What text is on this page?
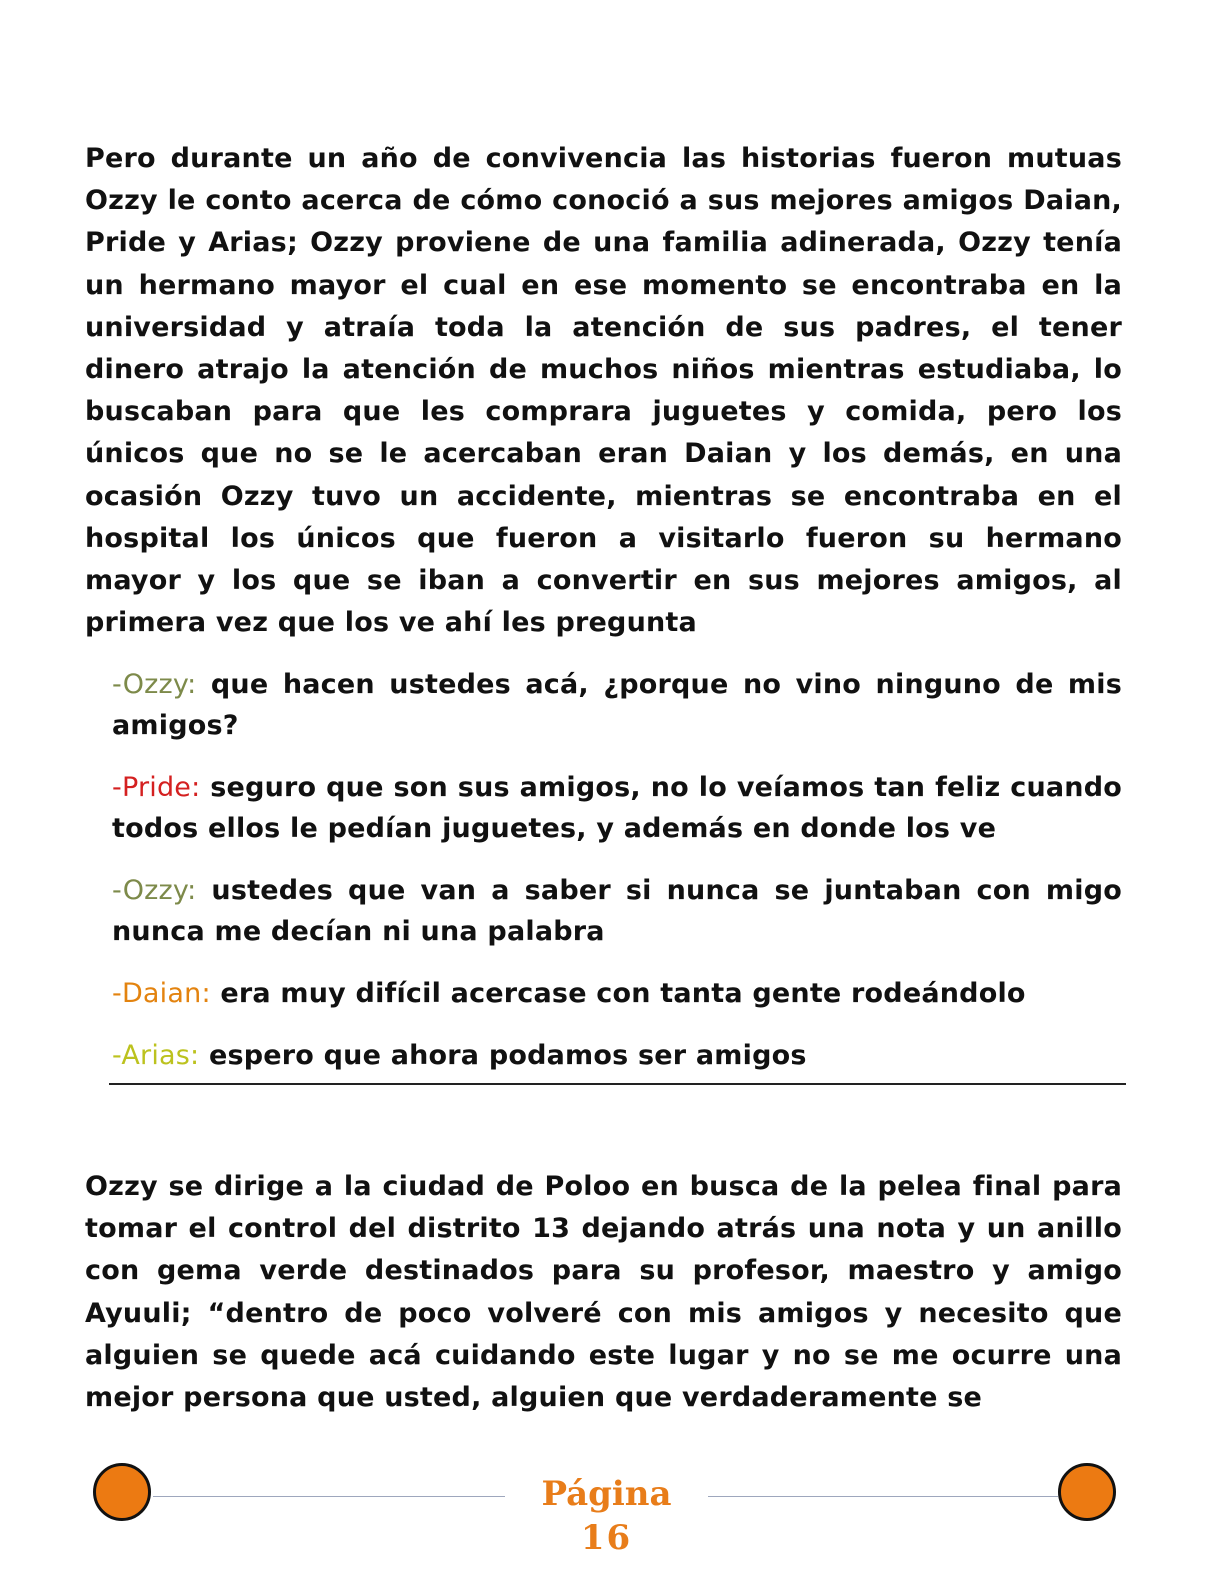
Pero durante un año de convivencia las historias fueron mutuas Ozzy le conto acerca de cómo conoció a sus mejores amigos Daian, Pride y Arias; Ozzy proviene de una familia adinerada, Ozzy tenía un hermano mayor el cual en ese momento se encontraba en la universidad y atraía toda la atención de sus padres, el tener dinero atrajo la atención de muchos niños mientras estudiaba, lo buscaban para que les comprara juguetes y comida, pero los únicos que no se le acercaban eran Daian y los demás, en una ocasión Ozzy tuvo un accidente, mientras se encontraba en el hospital los únicos que fueron a visitarlo fueron su hermano mayor y los que se iban a convertir en sus mejores amigos, al primera vez que los ve ahí les pregunta

-Ozzy: que hacen ustedes acá, ¿porque no vino ninguno de mis amigos?

-Pride: seguro que son sus amigos, no lo veíamos tan feliz cuando todos ellos le pedían juguetes, y además en donde los ve

-Ozzy: ustedes que van a saber si nunca se juntaban con migo nunca me decían ni una palabra

-Daian: era muy difícil acercase con tanta gente rodeándolo

-Arias: espero que ahora podamos ser amigos

Ozzy se dirige a la ciudad de Poloo en busca de la pelea final para tomar el control del distrito 13 dejando atrás una nota y un anillo con gema verde destinados para su profesor, maestro y amigo Ayuuli; “dentro de poco volveré con mis amigos y necesito que alguien se quede acá cuidando este lugar y no se me ocurre una mejor persona que usted, alguien que verdaderamente se

Página
16
